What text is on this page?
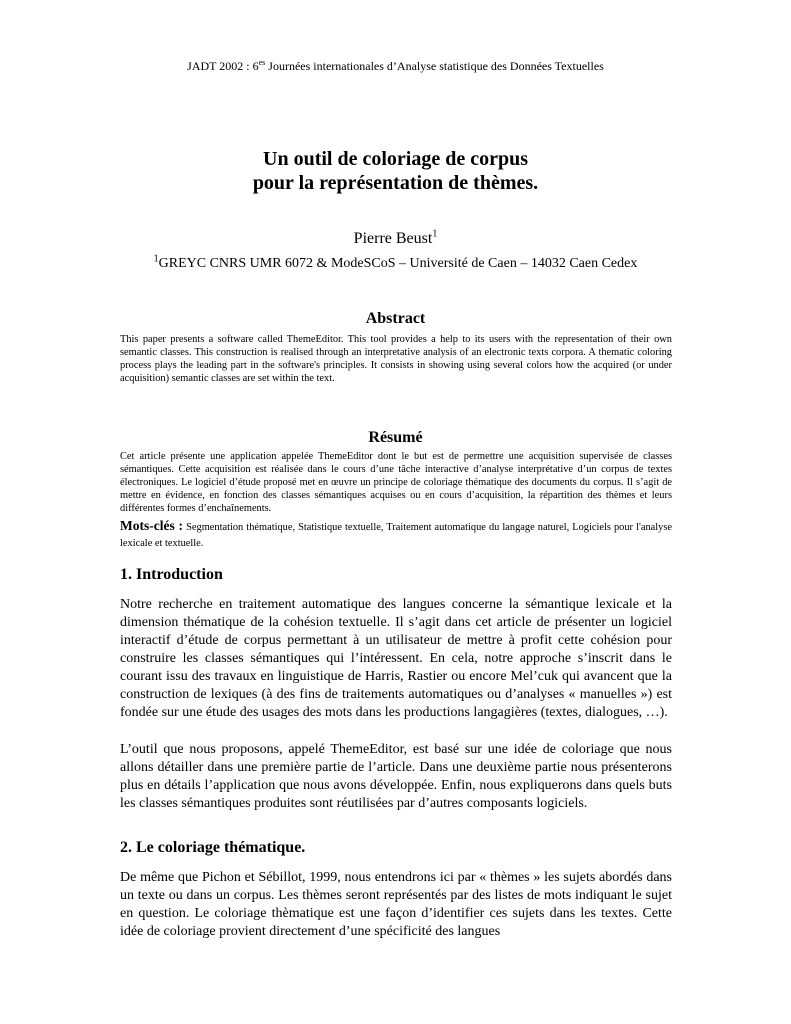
JADT 2002 : $6^{es}$ Journées internationales d’Analyse statistique des Données Textuelles
Un outil de coloriage de corpus
pour la représentation de thèmes.
Pierre Beust$^1$
$^1$GREYC CNRS UMR 6072 & ModeSCoS – Université de Caen – 14032 Caen Cedex
Abstract

This paper presents a software called ThemeEditor. This tool provides a help to its users with the representation of their own semantic classes. This construction is realised through an interpretative analysis of an electronic texts corpora. A thematic coloring process plays the leading part in the software's principles. It consists in showing using several colors how the acquired (or under acquisition) semantic classes are set within the text.

Résumé

Cet article présente une application appelée ThemeEditor dont le but est de permettre une acquisition supervisée de classes sémantiques. Cette acquisition est réalisée dans le cours d’une tâche interactive d’analyse interprétative d’un corpus de textes électroniques. Le logiciel d’étude proposé met en œuvre un principe de coloriage thématique des documents du corpus. Il s’agit de mettre en évidence, en fonction des classes sémantiques acquises ou en cours d’acquisition, la répartition des thèmes et leurs différentes formes d’enchaînements.

Mots-clés : Segmentation thématique, Statistique textuelle, Traitement automatique du langage naturel, Logiciels pour l'analyse lexicale et textuelle.

1. Introduction

Notre recherche en traitement automatique des langues concerne la sémantique lexicale et la dimension thématique de la cohésion textuelle. Il s’agit dans cet article de présenter un logiciel interactif d’étude de corpus permettant à un utilisateur de mettre à profit cette cohésion pour construire les classes sémantiques qui l’intéressent. En cela, notre approche s’inscrit dans le courant issu des travaux en linguistique de Harris, Rastier ou encore Mel’cuk qui avancent que la construction de lexiques (à des fins de traitements automatiques ou d’analyses « manuelles ») est fondée sur une étude des usages des mots dans les productions langagières (textes, dialogues, …).

L’outil que nous proposons, appelé ThemeEditor, est basé sur une idée de coloriage que nous allons détailler dans une première partie de l’article. Dans une deuxième partie nous présenterons plus en détails l’application que nous avons développée. Enfin, nous expliquerons dans quels buts les classes sémantiques produites sont réutilisées par d’autres composants logiciels.

2. Le coloriage thématique.

De même que Pichon et Sébillot, 1999, nous entendrons ici par « thèmes » les sujets abordés dans un texte ou dans un corpus. Les thèmes seront représentés par des listes de mots indiquant le sujet en question. Le coloriage thèmatique est une façon d’identifier ces sujets dans les textes. Cette idée de coloriage provient directement d’une spécificité des langues
